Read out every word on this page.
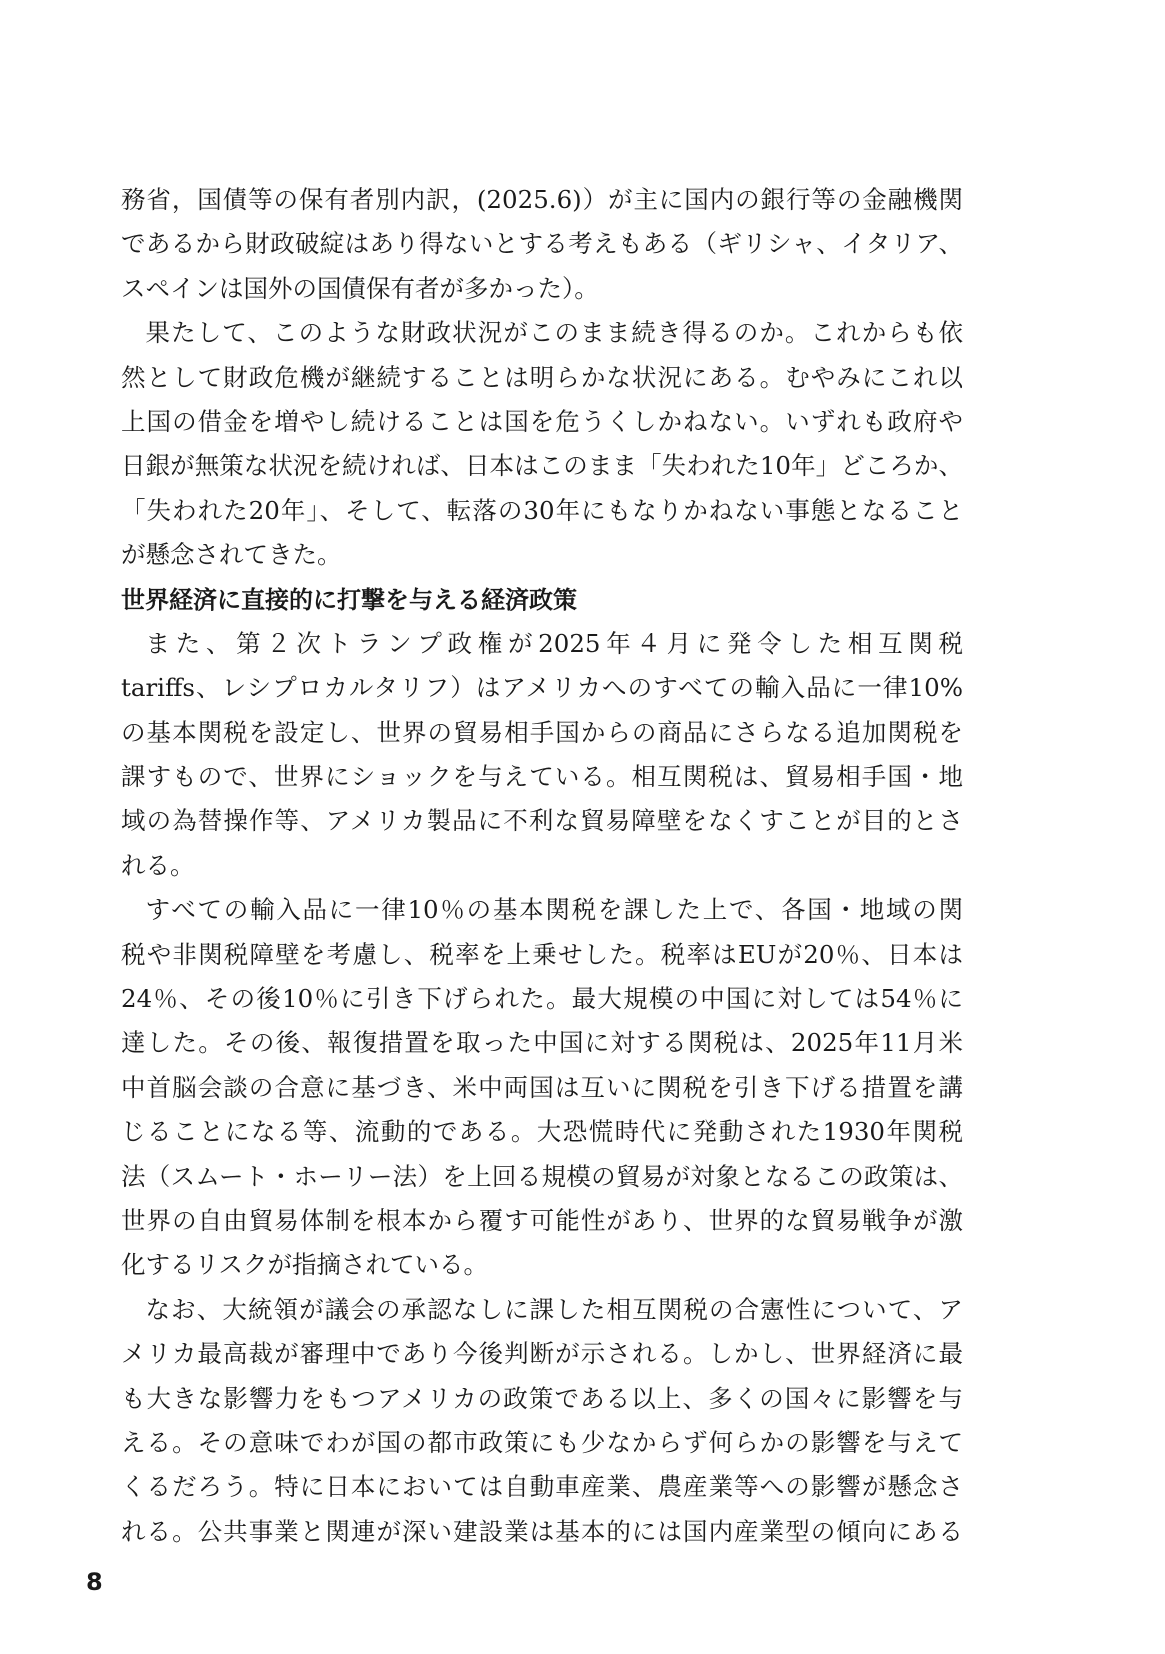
務省，国債等の保有者別内訳，(2025.6)）が主に国内の銀行等の金融機関
であるから財政破綻はあり得ないとする考えもある（ギリシャ、イタリア、
スペインは国外の国債保有者が多かった）。
果たして、このような財政状況がこのまま続き得るのか。これからも依
然として財政危機が継続することは明らかな状況にある。むやみにこれ以
上国の借金を増やし続けることは国を危うくしかねない。いずれも政府や
日銀が無策な状況を続ければ、日本はこのまま「失われた10年」どころか、
「失われた20年」、そして、転落の30年にもなりかねない事態となること
が懸念されてきた。
世界経済に直接的に打撃を与える経済政策
また、第２次トランプ政権が2025年４月に発令した相互関税
tariffs、レシプロカルタリフ）はアメリカへのすべての輸入品に一律10%
の基本関税を設定し、世界の貿易相手国からの商品にさらなる追加関税を
課すもので、世界にショックを与えている。相互関税は、貿易相手国・地
域の為替操作等、アメリカ製品に不利な貿易障壁をなくすことが目的とさ
れる。
すべての輸入品に一律10％の基本関税を課した上で、各国・地域の関
税や非関税障壁を考慮し、税率を上乗せした。税率はEUが20％、日本は
24％、その後10％に引き下げられた。最大規模の中国に対しては54％に
達した。その後、報復措置を取った中国に対する関税は、2025年11月米
中首脳会談の合意に基づき、米中両国は互いに関税を引き下げる措置を講
じることになる等、流動的である。大恐慌時代に発動された1930年関税
法（スムート・ホーリー法）を上回る規模の貿易が対象となるこの政策は、
世界の自由貿易体制を根本から覆す可能性があり、世界的な貿易戦争が激
化するリスクが指摘されている。
なお、大統領が議会の承認なしに課した相互関税の合憲性について、ア
メリカ最高裁が審理中であり今後判断が示される。しかし、世界経済に最
も大きな影響力をもつアメリカの政策である以上、多くの国々に影響を与
える。その意味でわが国の都市政策にも少なからず何らかの影響を与えて
くるだろう。特に日本においては自動車産業、農産業等への影響が懸念さ
れる。公共事業と関連が深い建設業は基本的には国内産業型の傾向にある
8
